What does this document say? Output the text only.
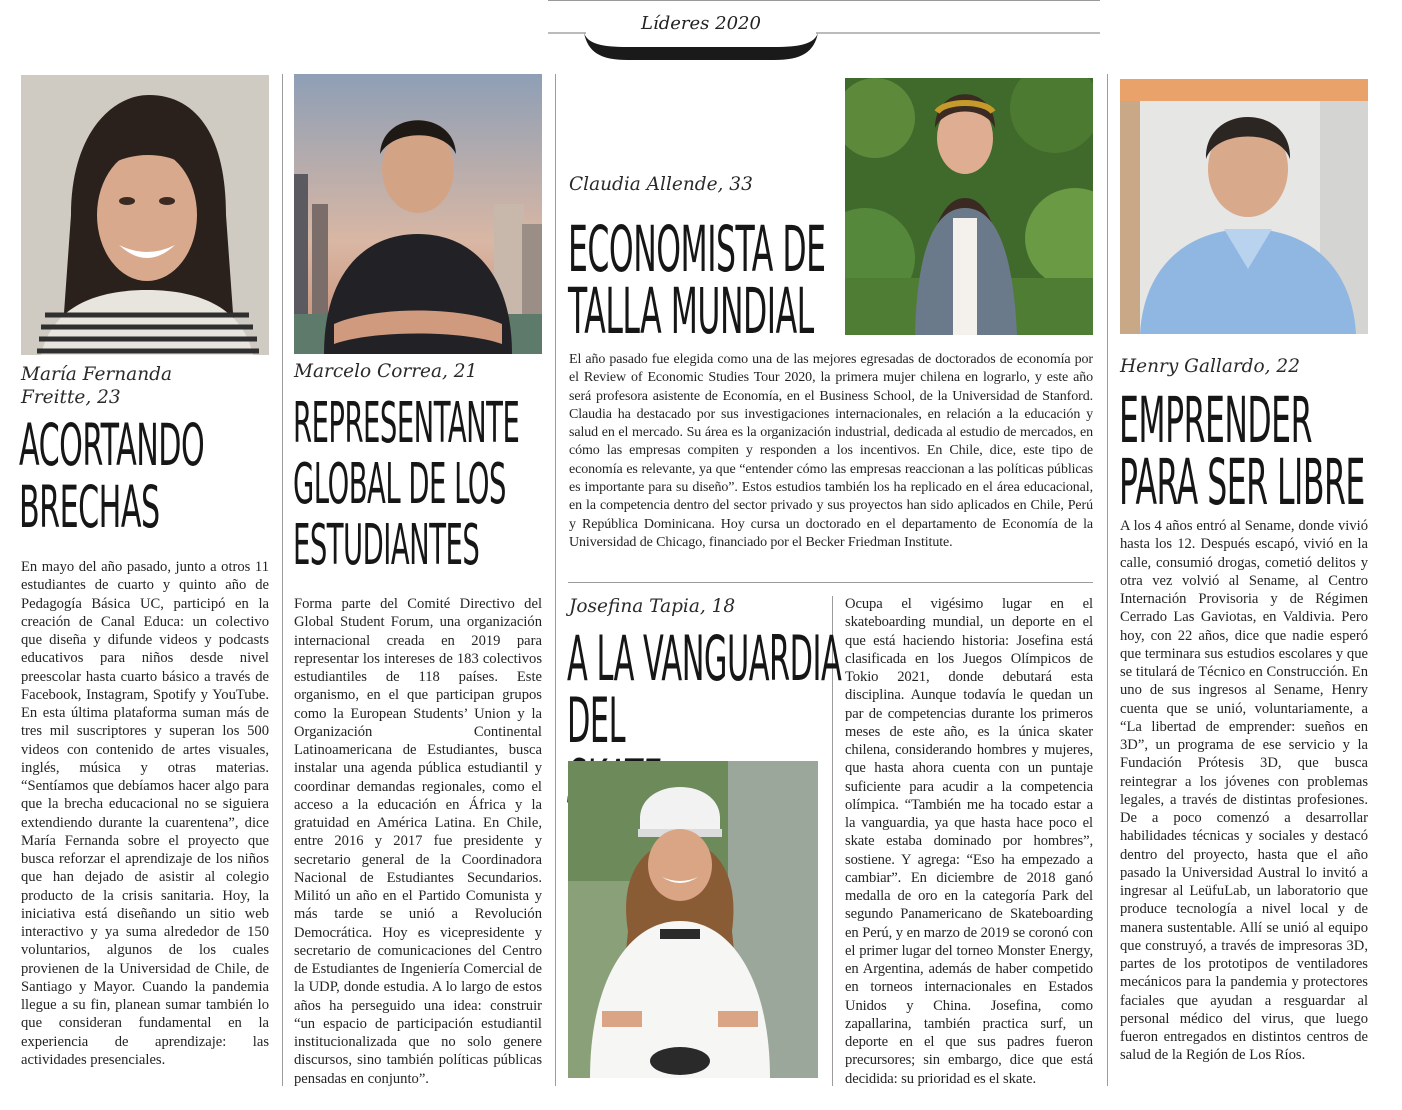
Líderes 2020
María Fernanda
Freitte, 23
ACORTANDO
BRECHAS
En mayo del año pasado, junto a otros 11 estudiantes de cuarto y quinto año de Pedagogía Básica UC, participó en la creación de Canal Educa: un colectivo que diseña y difunde videos y podcasts educativos para niños desde nivel preescolar hasta cuarto básico a través de Facebook, Instagram, Spotify y YouTube. En esta última plataforma suman más de tres mil suscriptores y superan los 500 videos con contenido de artes visuales, inglés, música y otras materias. “Sentíamos que debíamos hacer algo para que la brecha educacional no se siguiera extendiendo durante la cuarentena”, dice María Fernanda sobre el proyecto que busca reforzar el aprendizaje de los niños que han dejado de asistir al colegio producto de la crisis sanitaria. Hoy, la iniciativa está diseñando un sitio web interactivo y ya suma alrededor de 150 voluntarios, algunos de los cuales provienen de la Universidad de Chile, de Santiago y Mayor. Cuando la pandemia llegue a su fin, planean sumar también lo que consideran fundamental en la experiencia de aprendizaje: las actividades presenciales.
Marcelo Correa, 21
REPRESENTANTE
GLOBAL DE LOS
ESTUDIANTES
Forma parte del Comité Directivo del Global Student Forum, una organización internacional creada en 2019 para representar los intereses de 183 colectivos estudiantiles de 118 países. Este organismo, en el que participan grupos como la European Students’ Union y la Organización Continental Latinoamericana de Estudiantes, busca instalar una agenda pública estudiantil y coordinar demandas regionales, como el acceso a la educación en África y la gratuidad en América Latina. En Chile, entre 2016 y 2017 fue presidente y secretario general de la Coordinadora Nacional de Estudiantes Secundarios. Militó un año en el Partido Comunista y más tarde se unió a Revolución Democrática. Hoy es vicepresidente y secretario de comunicaciones del Centro de Estudiantes de Ingeniería Comercial de la UDP, donde estudia. A lo largo de estos años ha perseguido una idea: construir “un espacio de participación estudiantil institucionalizada que no solo genere discursos, sino también políticas públicas pensadas en conjunto”.
Claudia Allende, 33
ECONOMISTA DE
TALLA MUNDIAL
El año pasado fue elegida como una de las mejores egresadas de doctorados de economía por el Review of Economic Studies Tour 2020, la primera mujer chilena en lograrlo, y este año será profesora asistente de Economía, en el Business School, de la Universidad de Stanford. Claudia ha destacado por sus investigaciones internacionales, en relación a la educación y salud en el mercado. Su área es la organización industrial, dedicada al estudio de mercados, en cómo las empresas compiten y responden a los incentivos. En Chile, dice, este tipo de economía es relevante, ya que “entender cómo las empresas reaccionan a las políticas públicas es importante para su diseño”. Estos estudios también los ha replicado en el área educacional, en la competencia dentro del sector privado y sus proyectos han sido aplicados en Chile, Perú y República Dominicana. Hoy cursa un doctorado en el departamento de Economía de la Universidad de Chicago, financiado por el Becker Friedman Institute.
Josefina Tapia, 18
A LA VANGUARDIA
DEL
Ocupa el vigésimo lugar en el skateboarding mundial, un deporte en el que está haciendo historia: Josefina está clasificada en los Juegos Olímpicos de Tokio 2021, donde debutará esta disciplina. Aunque todavía le quedan un par de competencias durante los primeros meses de este año, es la única skater chilena, considerando hombres y mujeres, que hasta ahora cuenta con un puntaje suficiente para acudir a la competencia olímpica. “También me ha tocado estar a la vanguardia, ya que hasta hace poco el skate estaba dominado por hombres”, sostiene. Y agrega: “Eso ha empezado a cambiar”. En diciembre de 2018 ganó medalla de oro en la categoría Park del segundo Panamericano de Skateboarding en Perú, y en marzo de 2019 se coronó con el primer lugar del torneo Monster Energy, en Argentina, además de haber competido en torneos internacionales en Estados Unidos y China. Josefina, como zapallarina, también practica surf, un deporte en el que sus padres fueron precursores; sin embargo, dice que está decidida: su prioridad es el skate.
Henry Gallardo, 22
EMPRENDER
PARA SER LIBRE
A los 4 años entró al Sename, donde vivió hasta los 12. Después escapó, vivió en la calle, consumió drogas, cometió delitos y otra vez volvió al Sename, al Centro Internación Provisoria y de Régimen Cerrado Las Gaviotas, en Valdivia. Pero hoy, con 22 años, dice que nadie esperó que terminara sus estudios escolares y que se titulará de Técnico en Construcción. En uno de sus ingresos al Sename, Henry cuenta que se unió, voluntariamente, a “La libertad de emprender: sueños en 3D”, un programa de ese servicio y la Fundación Prótesis 3D, que busca reintegrar a los jóvenes con problemas legales, a través de distintas profesiones. De a poco comenzó a desarrollar habilidades técnicas y sociales y destacó dentro del proyecto, hasta que el año pasado la Universidad Austral lo invitó a ingresar al LeüfuLab, un laboratorio que produce tecnología a nivel local y de manera sustentable. Allí se unió al equipo que construyó, a través de impresoras 3D, partes de los prototipos de ventiladores mecánicos para la pandemia y protectores faciales que ayudan a resguardar al personal médico del virus, que luego fueron entregados en distintos centros de salud de la Región de Los Ríos.
